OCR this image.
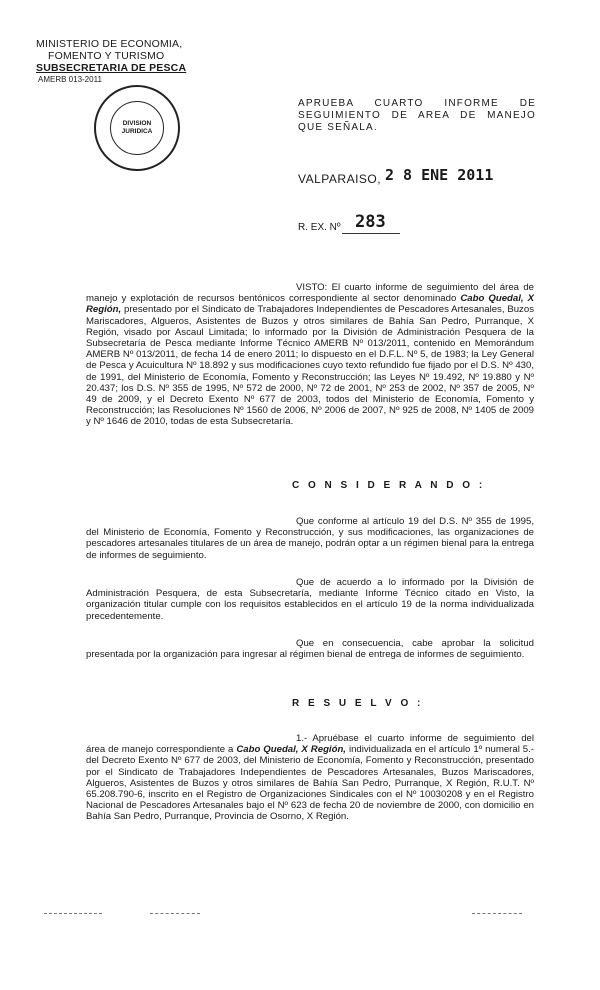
MINISTERIO DE ECONOMIA,
FOMENTO Y TURISMO
SUBSECRETARIA DE PESCA
AMERB 013-2011
DIVISION
JURIDICA
APRUEBA CUARTO INFORME DE SEGUIMIENTO DE AREA DE MANEJO QUE SEÑALA.
VALPARAISO, 2 8 ENE 2011
R. EX. Nº 283

VISTO: El cuarto informe de seguimiento del área de manejo y explotación de recursos bentónicos correspondiente al sector denominado Cabo Quedal, X Región, presentado por el Sindicato de Trabajadores Independientes de Pescadores Artesanales, Buzos Mariscadores, Algueros, Asistentes de Buzos y otros similares de Bahía San Pedro, Purranque, X Región, visado por Ascaul Limitada; lo informado por la División de Administración Pesquera de la Subsecretaría de Pesca mediante Informe Técnico AMERB Nº 013/2011, contenido en Memorándum AMERB Nº 013/2011, de fecha 14 de enero 2011; lo dispuesto en el D.F.L. Nº 5, de 1983; la Ley General de Pesca y Acuicultura Nº 18.892 y sus modificaciones cuyo texto refundido fue fijado por el D.S. Nº 430, de 1991, del Ministerio de Economía, Fomento y Reconstrucción; las Leyes Nº 19.492, Nº 19.880 y Nº 20.437; los D.S. Nº 355 de 1995, Nº 572 de 2000, Nº 72 de 2001, Nº 253 de 2002, Nº 357 de 2005, Nº 49 de 2009, y el Decreto Exento Nº 677 de 2003, todos del Ministerio de Economía, Fomento y Reconstrucción; las Resoluciones Nº 1560 de 2006, Nº 2006 de 2007, Nº 925 de 2008, Nº 1405 de 2009 y Nº 1646 de 2010, todas de esta Subsecretaría.

C O N S I D E R A N D O :

Que conforme al artículo 19 del D.S. Nº 355 de 1995, del Ministerio de Economía, Fomento y Reconstrucción, y sus modificaciones, las organizaciones de pescadores artesanales titulares de un área de manejo, podrán optar a un régimen bienal para la entrega de informes de seguimiento.

Que de acuerdo a lo informado por la División de Administración Pesquera, de esta Subsecretaría, mediante Informe Técnico citado en Visto, la organización titular cumple con los requisitos establecidos en el artículo 19 de la norma individualizada precedentemente.

Que en consecuencia, cabe aprobar la solicitud presentada por la organización para ingresar al régimen bienal de entrega de informes de seguimiento.

R E S U E L V O :

1.- Apruébase el cuarto informe de seguimiento del área de manejo correspondiente a Cabo Quedal, X Región, individualizada en el artículo 1º numeral 5.- del Decreto Exento Nº 677 de 2003, del Ministerio de Economía, Fomento y Reconstrucción, presentado por el Sindicato de Trabajadores Independientes de Pescadores Artesanales, Buzos Mariscadores, Algueros, Asistentes de Buzos y otros similares de Bahía San Pedro, Purranque, X Región, R.U.T. Nº 65.208.790-6, inscrito en el Registro de Organizaciones Sindicales con el Nº 10030208 y en el Registro Nacional de Pescadores Artesanales bajo el Nº 623 de fecha 20 de noviembre de 2000, con domicilio en Bahía San Pedro, Purranque, Provincia de Osorno, X Región.
